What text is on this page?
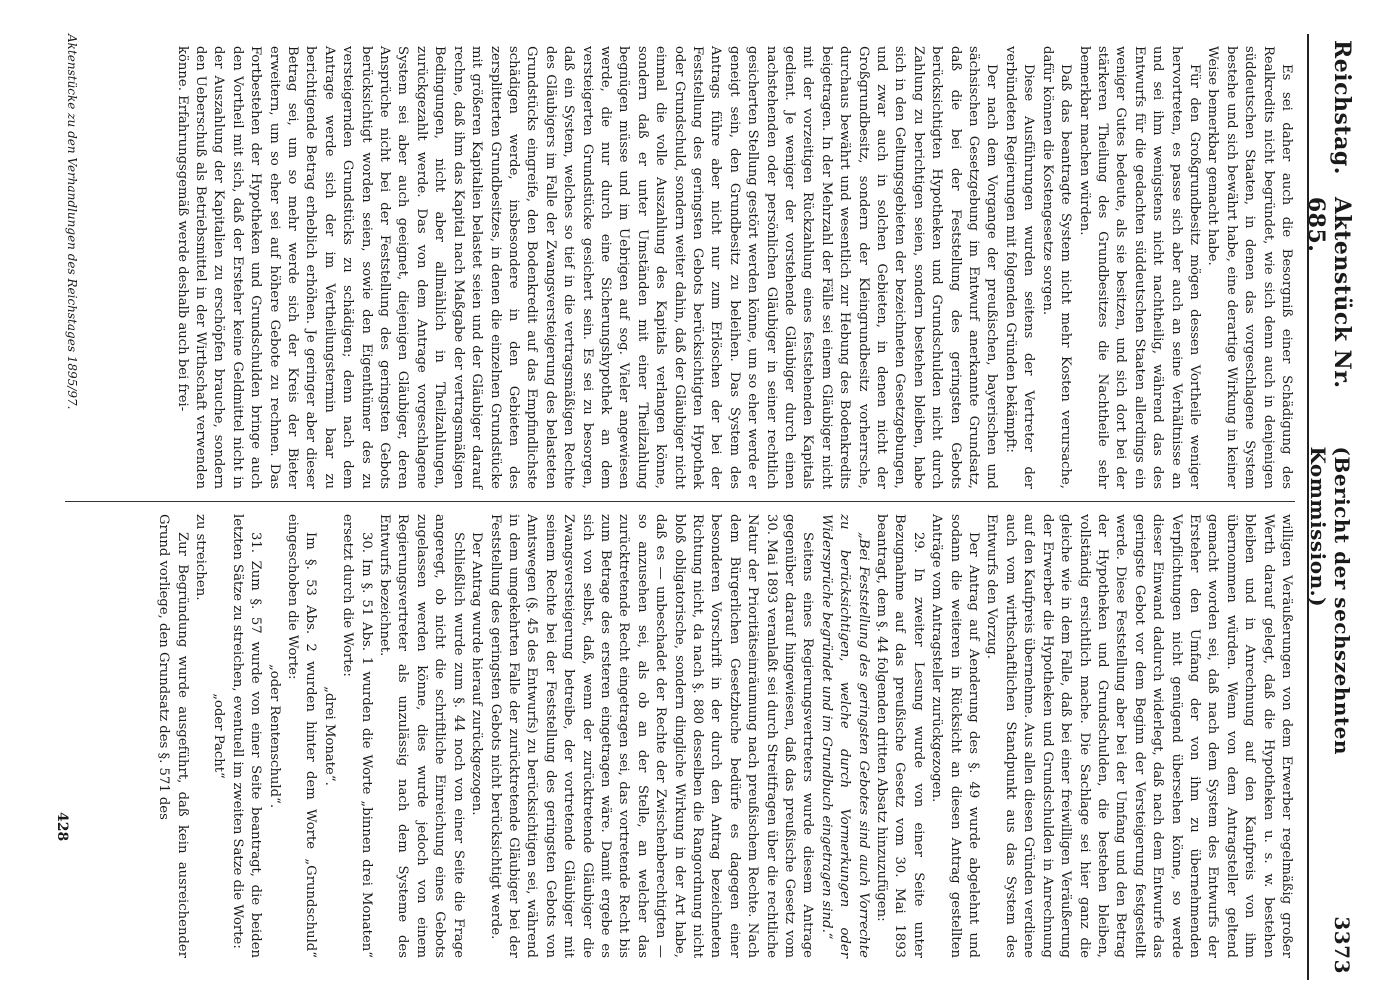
Reichstag.
Aktenstück Nr. 685.
(Bericht der sechszehnten Kommission.)
3373

Es sei daher auch die Besorgniß einer Schädigung des Realkredits nicht begründet, wie sich denn auch in denjenigen süddeutschen Staaten, in denen das vorgeschlagene System bestehe und sich bewährt habe, eine derartige Wirkung in keiner Weise bemerkbar gemacht habe.

Für den Großgrundbesitz mögen dessen Vortheile weniger hervortreten, es passe sich aber auch an seine Verhältnisse an und sei ihm wenigstens nicht nachtheilig, während das des Entwurfs für die gedachten süddeutschen Staaten allerdings ein weniger Gutes bedeute, als sie besitzen, und sich dort bei der stärkeren Theilung des Grundbesitzes die Nachtheile sehr bemerkbar machen würden.

Daß das beantragte System nicht mehr Kosten verursache, dafür können die Kostengesetze sorgen.

Diese Ausführungen wurden seitens der Vertreter der verbündeten Regierungen mit folgenden Gründen bekämpft:

Der nach dem Vorgange der preußischen, bayerischen und sächsischen Gesetzgebung im Entwurf anerkannte Grundsatz, daß die bei der Feststellung des geringsten Gebots berücksichtigten Hypotheken und Grundschulden nicht durch Zahlung zu berichtigen seien, sondern bestehen bleiben, habe sich in den Geltungsgebieten der bezeichneten Gesetzgebungen, und zwar auch in solchen Gebieten, in denen nicht der Großgrundbesitz, sondern der Kleingrundbesitz vorherrsche, durchaus bewährt und wesentlich zur Hebung des Bodenkredits beigetragen. In der Mehrzahl der Fälle sei einem Gläubiger nicht mit der vorzeitigen Rückzahlung eines feststehenden Kapitals gedient. Je weniger der vorstehende Gläubiger durch einen nachstehenden oder persönlichen Gläubiger in seiner rechtlich gesicherten Stellung gestört werden könne, um so eher werde er geneigt sein, den Grundbesitz zu beleihen. Das System des Antrags führe aber nicht nur zum Erlöschen der bei der Feststellung des geringsten Gebots berücksichtigten Hypothek oder Grundschuld, sondern weiter dahin, daß der Gläubiger nicht einmal die volle Auszahlung des Kapitals verlangen könne, sondern daß er unter Umständen mit einer Theilzahlung begnügen müsse und im Uebrigen auf sog. Vieler angewiesen werde, die nur durch eine Sicherungshypothek an dem versteigerten Grundstücke gesichert sein. Es sei zu besorgen, daß ein System, welches so tief in die vertragsmäßigen Rechte des Gläubigers im Falle der Zwangsversteigerung des belasteten Grundstücks eingreife, den Bodenkredit auf das Empfindlichste schädigen werde, insbesondere in den Gebieten des zersplitterten Grundbesitzes, in denen die einzelnen Grundstücke mit größeren Kapitalien belastet seien und der Gläubiger darauf rechne, daß ihm das Kapital nach Maßgabe der vertragsmäßigen Bedingungen, nicht aber allmählich in Theilzahlungen, zurückgezahlt werde. Das von dem Antrage vorgeschlagene System sei aber auch geeignet, diejenigen Gläubiger, deren Ansprüche nicht bei der Feststellung des geringsten Gebots berücksichtigt worden seien, sowie den Eigenthümer des zu versteigernden Grundstücks zu schädigen; denn nach dem Antrage werde sich der im Vertheilungstermin baar zu berichtigende Betrag erheblich erhöhen. Je geringer aber dieser Betrag sei, um so mehr werde sich der Kreis der Bieter erweitern, um so eher sei auf höhere Gebote zu rechnen. Das Fortbestehen der Hypotheken und Grundschulden bringe auch den Vortheil mit sich, daß der Ersteher keine Geldmittel nicht in der Auszahlung der Kapitalien zu erschöpfen brauche, sondern den Ueberschuß als Betriebsmittel in der Wirthschaft verwenden könne. Erfahrungsgemäß werde deshalb auch bei frei-

willigen Veräußerungen von dem Erwerber regelmäßig großer Werth darauf gelegt, daß die Hypotheken u. s. w. bestehen bleiben und in Anrechnung auf den Kaufpreis von ihm übernommen würden. Wenn von dem Antragsteller geltend gemacht worden sei, daß nach dem System des Entwurfs der Ersteher den Umfang der von ihm zu übernehmenden Verpflichtungen nicht genügend übersehen könne, so werde dieser Einwand dadurch widerlegt, daß nach dem Entwurfe das geringste Gebot vor dem Beginn der Versteigerung festgestellt werde. Diese Feststellung aber bei der Umfang und den Betrag der Hypotheken und Grundschulden, die bestehen bleiben, vollständig ersichtlich mache. Die Sachlage sei hier ganz die gleiche wie in dem Falle, daß bei einer freiwilligen Veräußerung der Erwerber die Hypotheken und Grundschulden in Anrechnung auf den Kaufpreis übernehme. Aus allen diesen Gründen verdiene auch vom wirthschaftlichen Standpunkt aus das System des Entwurfs den Vorzug.

Der Antrag auf Aenderung des §. 49 wurde abgelehnt und sodann die weiteren in Rücksicht an diesen Antrag gestellten Anträge vom Antragsteller zurückgezogen.

29. In zweiter Lesung wurde von einer Seite unter Bezugnahme auf das preußische Gesetz vom 30. Mai 1893 beantragt, dem §. 44 folgenden dritten Absatz hinzuzufügen:

„Bei Feststellung des geringsten Gebotes sind auch Vorrechte zu berücksichtigen, welche durch Vormerkungen oder Widersprüche begründet und im Grundbuch eingetragen sind.“

Seitens eines Regierungsvertreters wurde diesem Antrage gegenüber darauf hingewiesen, daß das preußische Gesetz vom 30. Mai 1893 veranlaßt sei durch Streitfragen über die rechtliche Natur der Prioritätseinräumung nach preußischem Rechte. Nach dem Bürgerlichen Gesetzbuche bedürfe es dagegen einer besonderen Vorschrift in der durch den Antrag bezeichneten Richtung nicht, da nach §. 880 desselben die Rangordnung nicht bloß obligatorische, sondern dingliche Wirkung in der Art habe, daß es — unbeschadet der Rechte der Zwischenberechtigten — so anzusehen sei, als ob an der Stelle, an welcher das zurücktretende Recht eingetragen sei, das vortretende Recht bis zum Betrage des ersteren eingetragen wäre. Damit ergebe es sich von selbst, daß, wenn der zurücktretende Gläubiger die Zwangsversteigerung betreibe, der vortretende Gläubiger mit seinem Rechte bei der Feststellung des geringsten Gebots von Amtswegen (§. 45 des Entwurfs) zu berücksichtigen sei, während in dem umgekehrten Falle der zurücktretende Gläubiger bei der Feststellung des geringsten Gebots nicht berücksichtigt werde.

Der Antrag wurde hierauf zurückgezogen.

Schließlich wurde zum §. 44 noch von einer Seite die Frage angeregt, ob nicht die schriftliche Einreichung eines Gebots zugelassen werden könne, dies wurde jedoch von einem Regierungsvertreter als unzulässig nach dem Systeme des Entwurfs bezeichnet.

30. Im §. 51 Abs. 1 wurden die Worte „binnen drei Monaten“ ersetzt durch die Worte:

„drei Monate“.

Im §. 53 Abs. 2 wurden hinter dem Worte „Grundschuld“ eingeschoben die Worte:

„oder Rentenschuld“.

31. Zum §. 57 wurde von einer Seite beantragt, die beiden letzten Sätze zu streichen, eventuell im zweiten Satze die Worte:

„oder Pacht“

zu streichen.

Zur Begründung wurde ausgeführt, daß kein ausreichender Grund vorliege, den Grundsatz des §. 571 des

Aktenstücke zu den Verhandlungen des Reichstages 1895/97.
428
